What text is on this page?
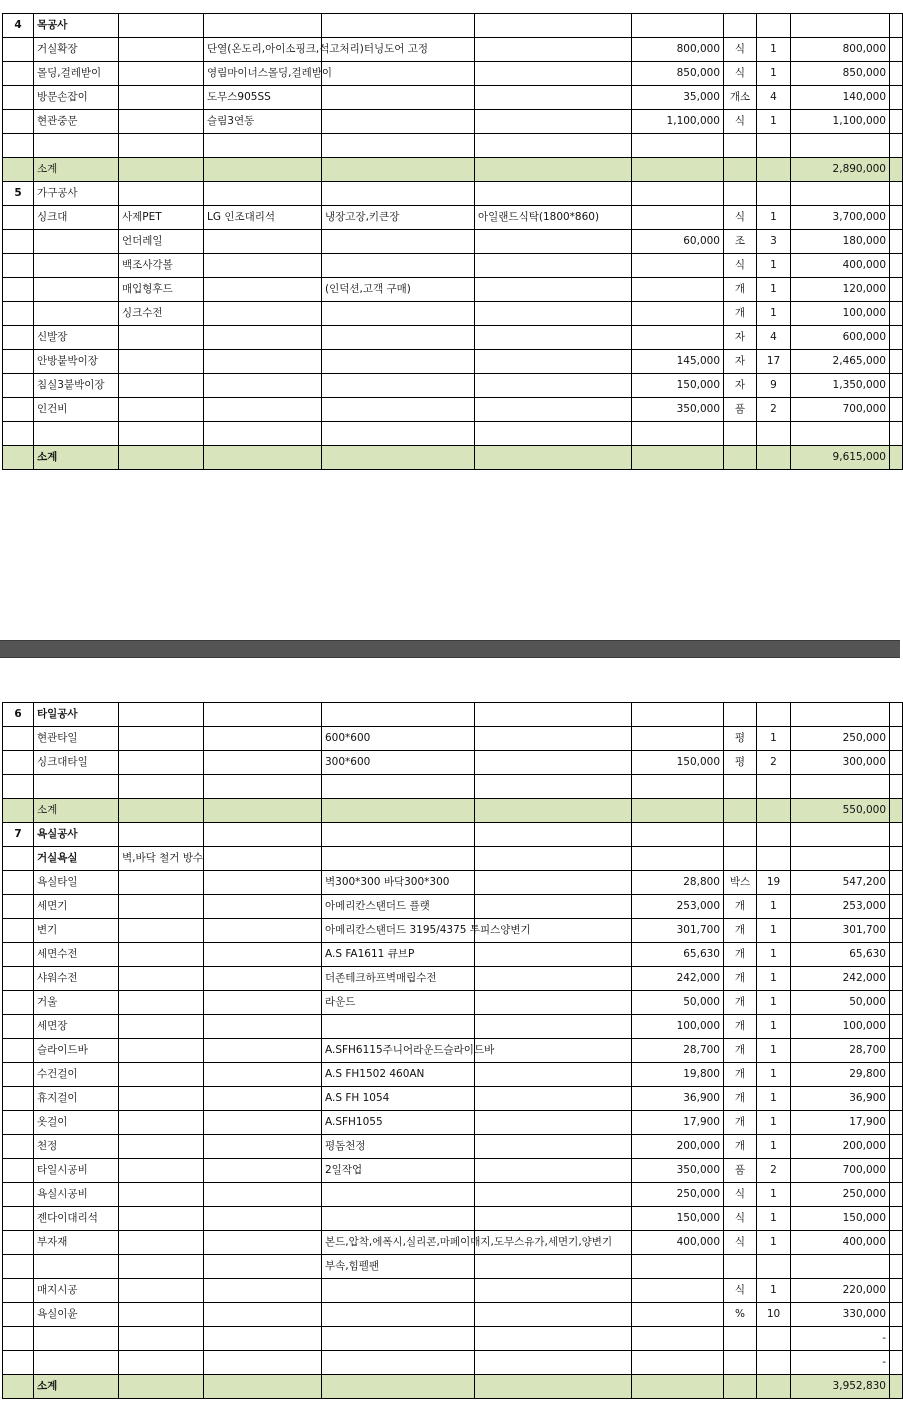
4	목공사									
	거실확장		단열(온도리,아이소핑크,석고처리)터닝도어 고정			800,000	식	1	800,000	
	몰딩,걸레받이		영림마이너스몰딩,걸레받이			850,000	식	1	850,000	
	방문손잡이		도무스905SS			35,000	개소	4	140,000	
	현관중문		슬림3연동			1,100,000	식	1	1,100,000	

	소계								2,890,000	
5	가구공사									
	싱크대	사제PET	LG 인조대리석	냉장고장,키큰장	아일랜드식탁(1800*860)		식	1	3,700,000	
		언더레일				60,000	조	3	180,000	
		백조사각볼					식	1	400,000	
		매입형후드		(인덕션,고객 구매)			개	1	120,000	
		싱크수전					개	1	100,000	
	신발장						자	4	600,000	
	안방붙박이장					145,000	자	17	2,465,000	
	침실3붙박이장					150,000	자	9	1,350,000	
	인건비					350,000	품	2	700,000	

	소계								9,615,000	
6	타일공사									
	현관타일			600*600			평	1	250,000	
	싱크대타일			300*600		150,000	평	2	300,000	

	소계								550,000	
7	욕실공사									
	거실욕실	벽,바닥 철거 방수								
	욕실타일			벽300*300 바닥300*300		28,800	박스	19	547,200	
	세면기			아메리칸스탠더드 플랫		253,000	개	1	253,000	
	변기			아메리칸스탠더드 3195/4375 투피스양변기		301,700	개	1	301,700	
	세면수전			A.S FA1611 큐브P		65,630	개	1	65,630	
	샤워수전			더존테크하프벽매립수전		242,000	개	1	242,000	
	거울			라운드		50,000	개	1	50,000	
	세면장					100,000	개	1	100,000	
	슬라이드바			A.SFH6115주니어라운드슬라이드바		28,700	개	1	28,700	
	수건걸이			A.S FH1502 460AN		19,800	개	1	29,800	
	휴지걸이			A.S FH 1054		36,900	개	1	36,900	
	옷걸이			A.SFH1055		17,900	개	1	17,900	
	천정			평돔천정		200,000	개	1	200,000	
	타일시공비			2일작업		350,000	품	2	700,000	
	욕실시공비					250,000	식	1	250,000	
	젠다이대리석					150,000	식	1	150,000	
	부자재			본드,압착,에폭시,실리콘,마페이매지,도무스유가,세면기,양변기		400,000	식	1	400,000	
				부속,힘펠팬						
	매지시공						식	1	220,000	
	욕실이윤						%	10	330,000	
									-	
									-	
	소계								3,952,830	
